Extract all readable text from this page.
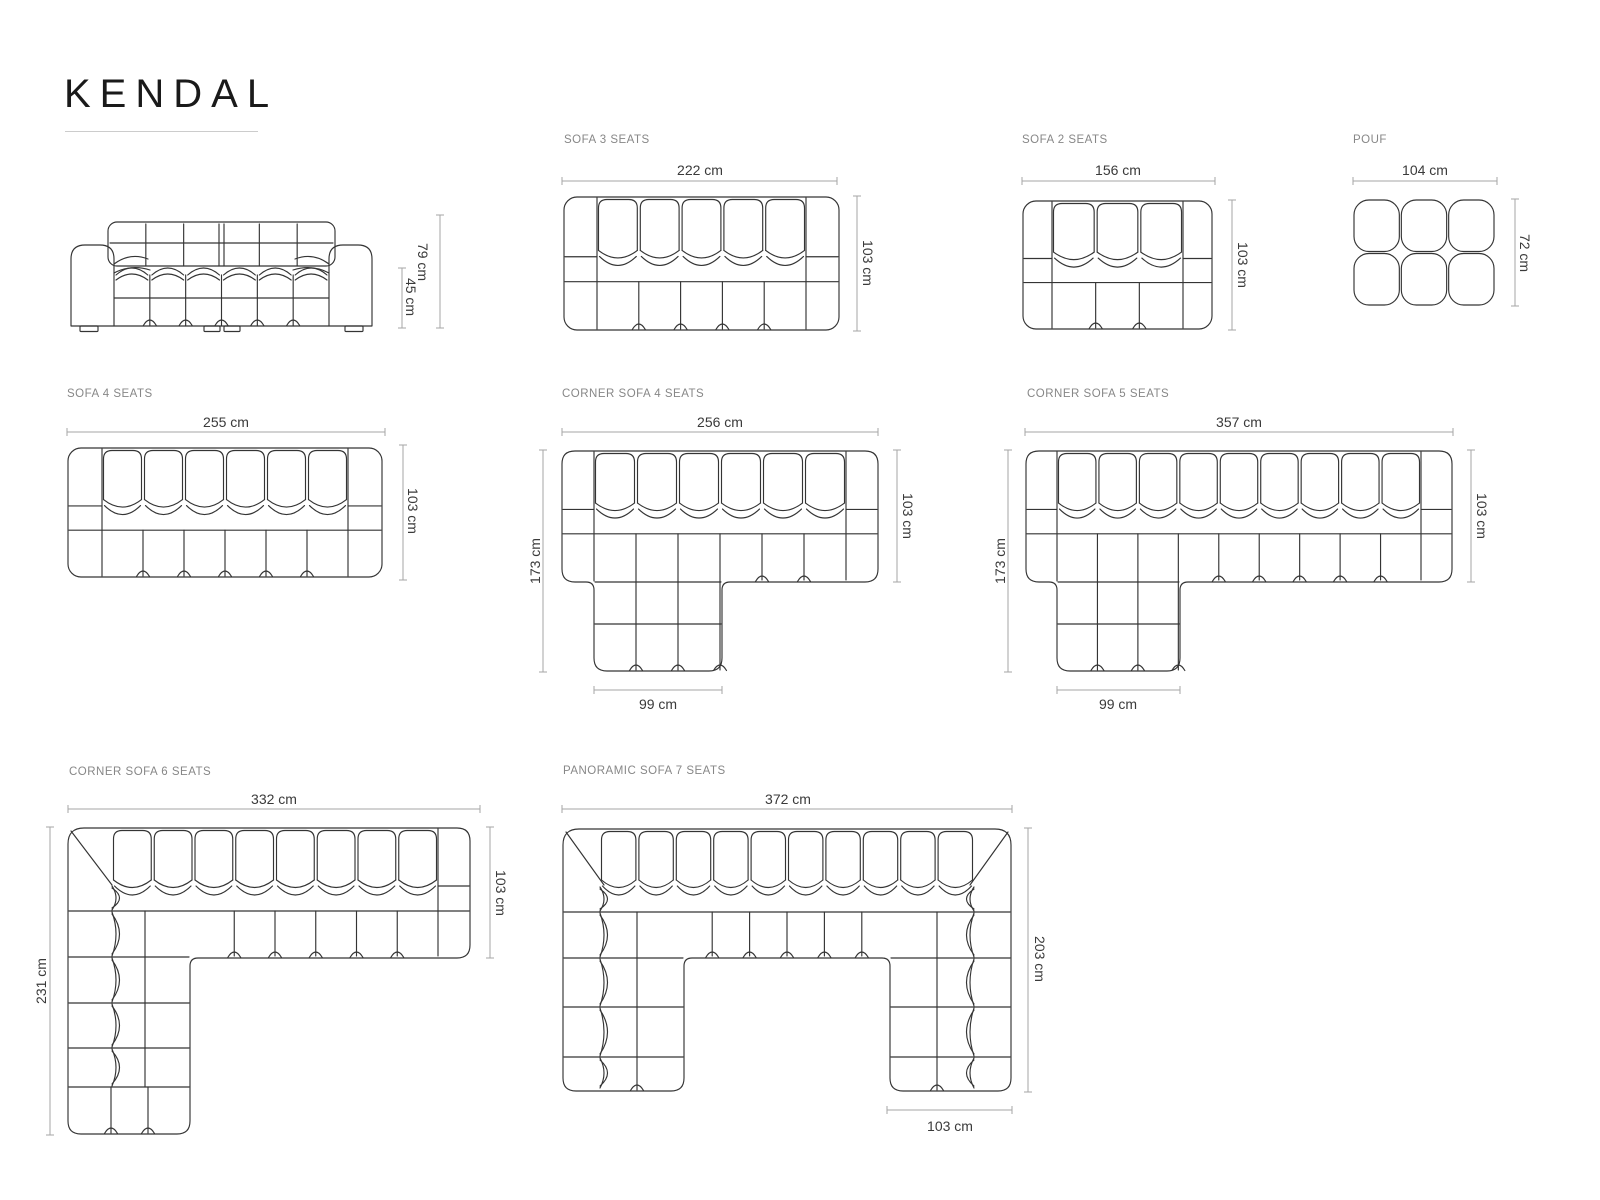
KENDAL
79 cm
45 cm
SOFA 3 SEATS
222 cm
103 cm
SOFA 2 SEATS
156 cm
103 cm
POUF
104 cm
72 cm
SOFA 4 SEATS
255 cm
103 cm
CORNER SOFA 4 SEATS
256 cm
173 cm
103 cm
99 cm
CORNER SOFA 5 SEATS
357 cm
173 cm
103 cm
99 cm
CORNER SOFA 6 SEATS
332 cm
103 cm
231 cm
PANORAMIC SOFA 7 SEATS
372 cm
203 cm
103 cm
